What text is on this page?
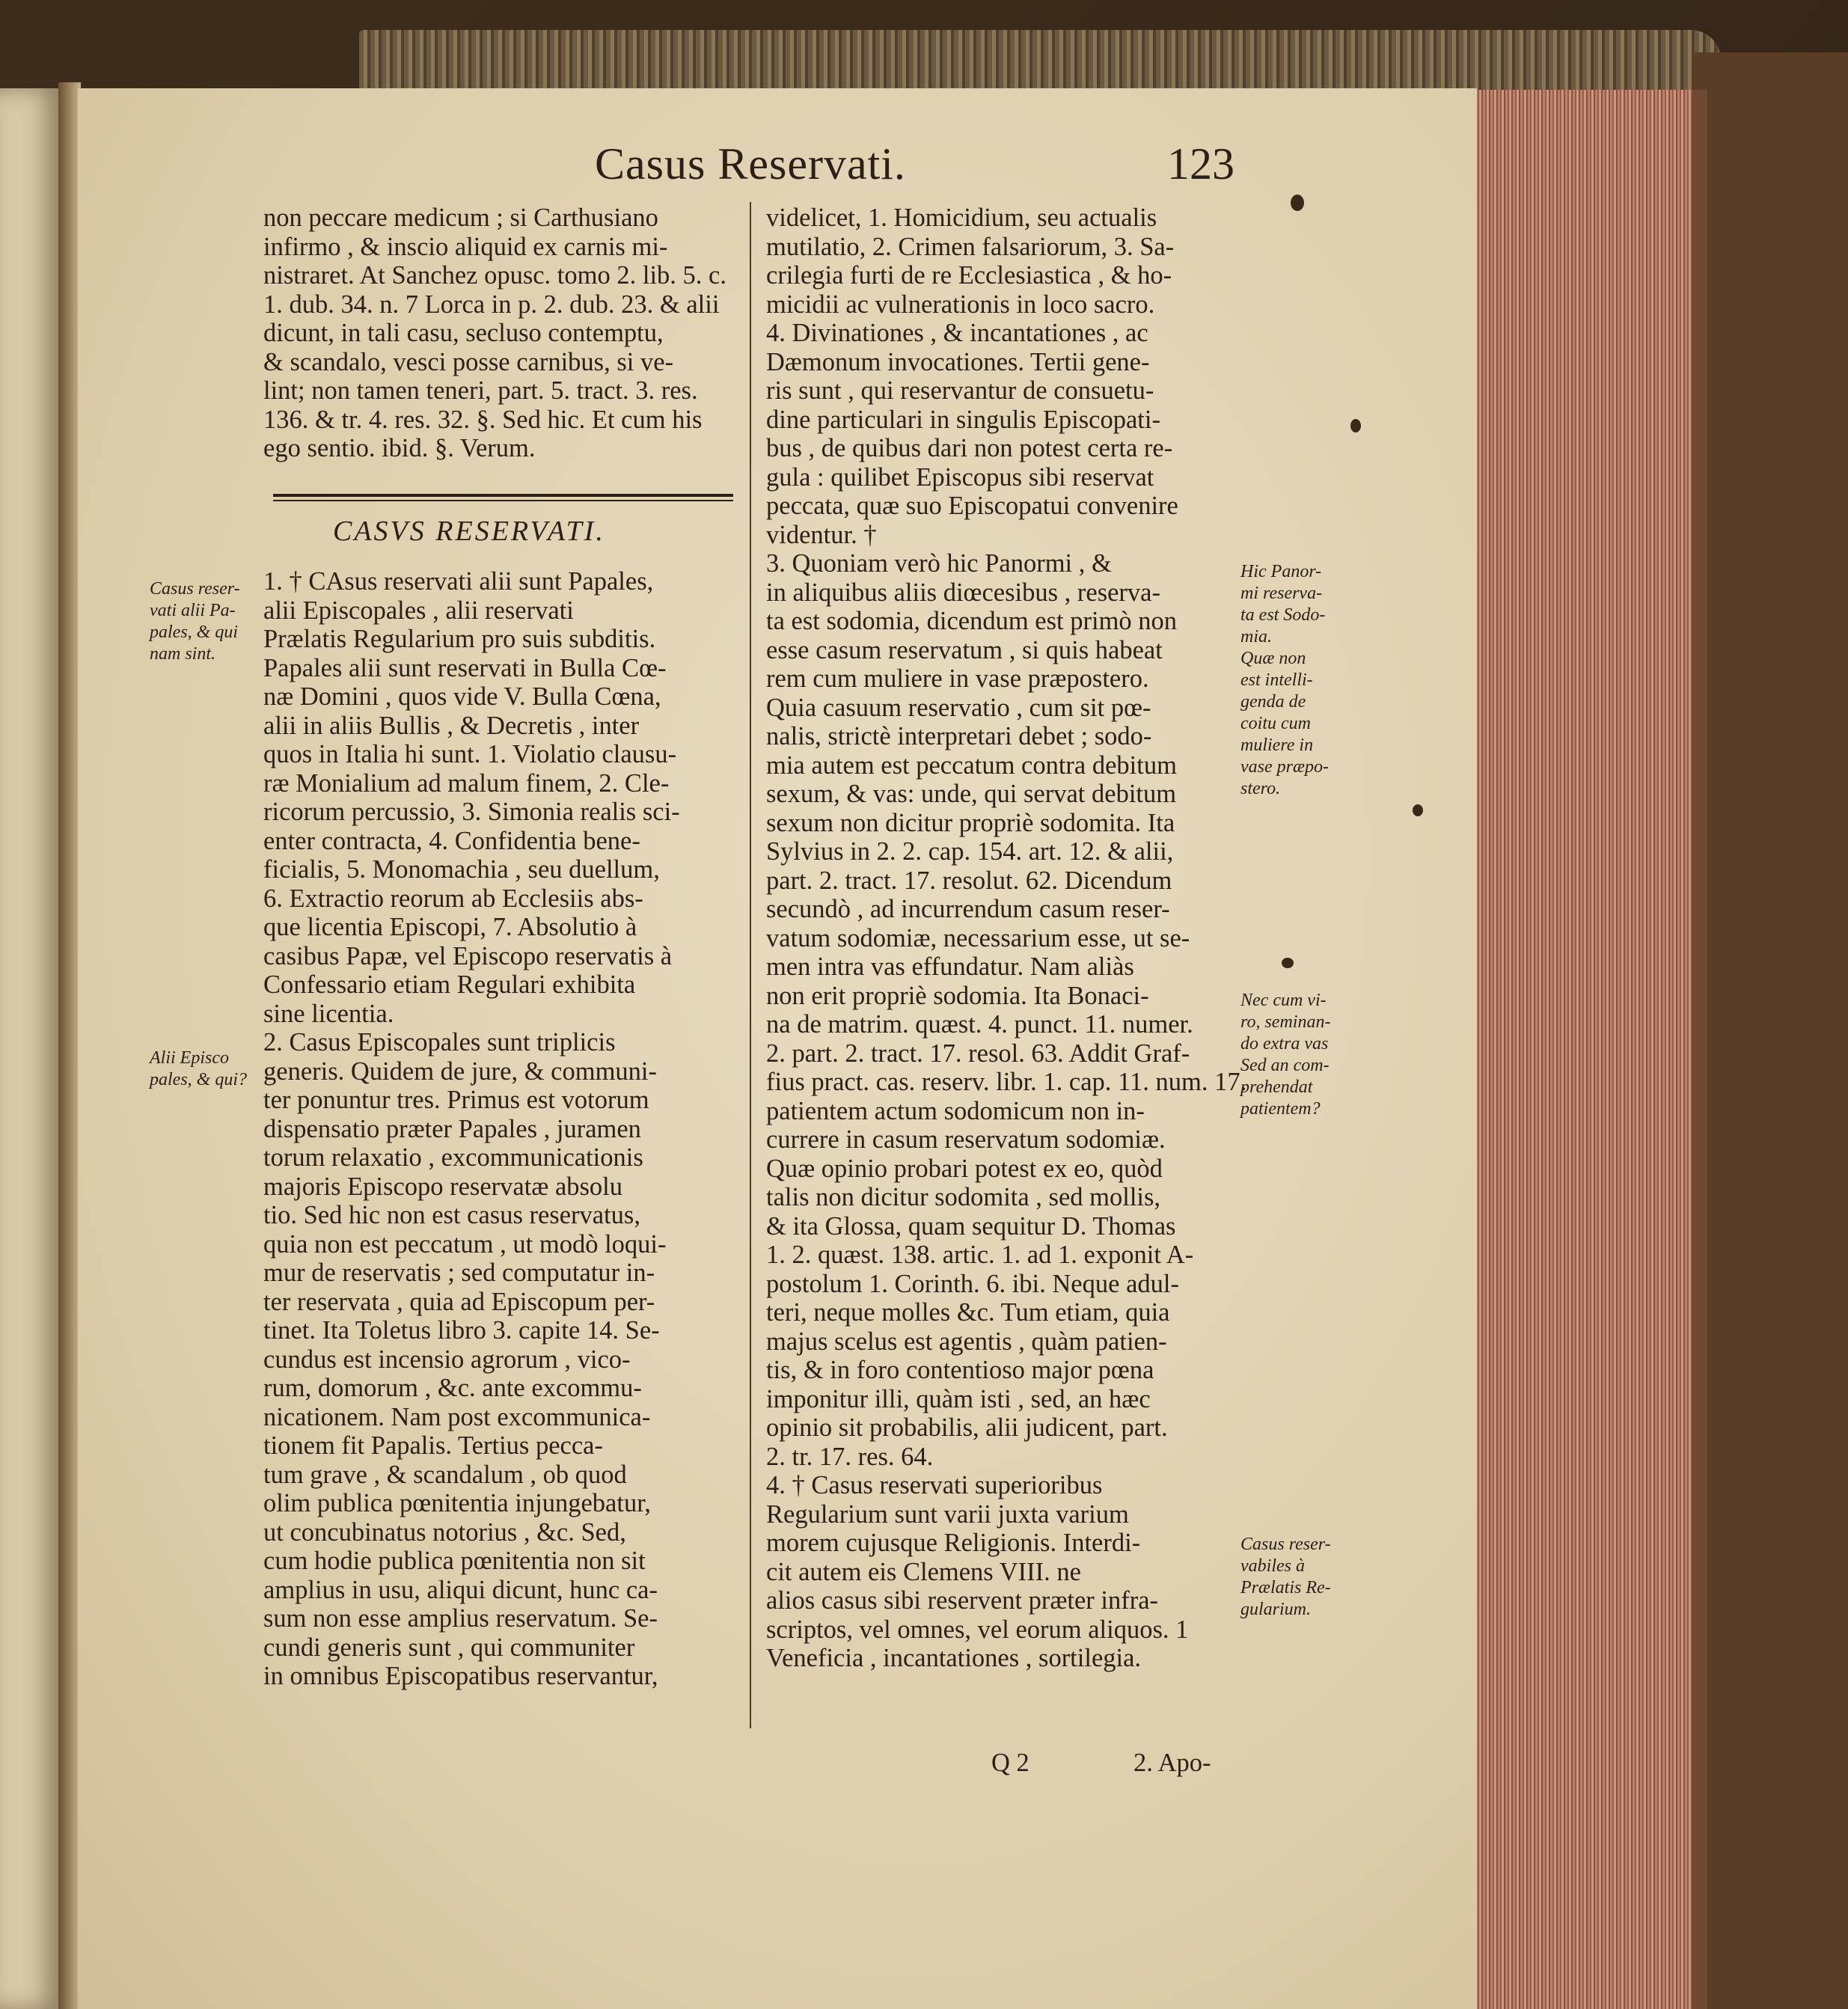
Casus Reservati.	123
non peccare medicum ; si Carthusiano
infirmo , & inscio aliquid ex carnis mi-
nistraret. At Sanchez opusc. tomo 2. lib. 5. c.
1. dub. 34. n. 7 Lorca in p. 2. dub. 23. & alii
dicunt, in tali casu, secluso contemptu,
& scandalo, vesci posse carnibus, si ve-
lint; non tamen teneri, part. 5. tract. 3. res.
136. & tr. 4. res. 32. §. Sed hic. Et cum his
ego sentio. ibid. §. Verum.
CASVS RESERVATI.
1. † CAsus reservati alii sunt Papales,
alii Episcopales , alii reservati
Prælatis Regularium pro suis subditis.
Papales alii sunt reservati in Bulla Cœ-
næ Domini , quos vide V. Bulla Cœna,
alii in aliis Bullis , & Decretis , inter
quos in Italia hi sunt. 1. Violatio clausu-
ræ Monialium ad malum finem, 2. Cle-
ricorum percussio, 3. Simonia realis sci-
enter contracta, 4. Confidentia bene-
ficialis, 5. Monomachia , seu duellum,
6. Extractio reorum ab Ecclesiis abs-
que licentia Episcopi, 7. Absolutio à
casibus Papæ, vel Episcopo reservatis à
Confessario etiam Regulari exhibita
sine licentia.
2. Casus Episcopales sunt triplicis
generis. Quidem de jure, & communi-
ter ponuntur tres. Primus est votorum
dispensatio præter Papales , juramen
torum relaxatio , excommunicationis
majoris Episcopo reservatæ absolu
tio. Sed hic non est casus reservatus,
quia non est peccatum , ut modò loqui-
mur de reservatis ; sed computatur in-
ter reservata , quia ad Episcopum per-
tinet. Ita Toletus libro 3. capite 14. Se-
cundus est incensio agrorum , vico-
rum, domorum , &c. ante excommu-
nicationem. Nam post excommunica-
tionem fit Papalis. Tertius pecca-
tum grave , & scandalum , ob quod
olim publica pœnitentia injungebatur,
ut concubinatus notorius , &c. Sed,
cum hodie publica pœnitentia non sit
amplius in usu, aliqui dicunt, hunc ca-
sum non esse amplius reservatum. Se-
cundi generis sunt , qui communiter
in omnibus Episcopatibus reservantur,
videlicet, 1. Homicidium, seu actualis
mutilatio, 2. Crimen falsariorum, 3. Sa-
crilegia furti de re Ecclesiastica , & ho-
micidii ac vulnerationis in loco sacro.
4. Divinationes , & incantationes , ac
Dæmonum invocationes. Tertii gene-
ris sunt , qui reservantur de consuetu-
dine particulari in singulis Episcopati-
bus , de quibus dari non potest certa re-
gula : quilibet Episcopus sibi reservat
peccata, quæ suo Episcopatui convenire
videntur. †
3. Quoniam verò hic Panormi , &
in aliquibus aliis diœcesibus , reserva-
ta est sodomia, dicendum est primò non
esse casum reservatum , si quis habeat
rem cum muliere in vase præpostero.
Quia casuum reservatio , cum sit pœ-
nalis, strictè interpretari debet ; sodo-
mia autem est peccatum contra debitum
sexum, & vas: unde, qui servat debitum
sexum non dicitur propriè sodomita. Ita
Sylvius in 2. 2. cap. 154. art. 12. & alii,
part. 2. tract. 17. resolut. 62. Dicendum
secundò , ad incurrendum casum reser-
vatum sodomiæ, necessarium esse, ut se-
men intra vas effundatur. Nam aliàs
non erit propriè sodomia. Ita Bonaci-
na de matrim. quæst. 4. punct. 11. numer.
2. part. 2. tract. 17. resol. 63. Addit Graf-
fius pract. cas. reserv. libr. 1. cap. 11. num. 17.
patientem actum sodomicum non in-
currere in casum reservatum sodomiæ.
Quæ opinio probari potest ex eo, quòd
talis non dicitur sodomita , sed mollis,
& ita Glossa, quam sequitur D. Thomas
1. 2. quæst. 138. artic. 1. ad 1. exponit A-
postolum 1. Corinth. 6. ibi. Neque adul-
teri, neque molles &c. Tum etiam, quia
majus scelus est agentis , quàm patien-
tis, & in foro contentioso major pœna
imponitur illi, quàm isti , sed, an hæc
opinio sit probabilis, alii judicent, part.
2. tr. 17. res. 64.
4. † Casus reservati superioribus
Regularium sunt varii juxta varium
morem cujusque Religionis. Interdi-
cit autem eis Clemens VIII. ne
alios casus sibi reservent præter infra-
scriptos, vel omnes, vel eorum aliquos. 1
Veneficia , incantationes , sortilegia.
Casus reser-
vati alii Pa-
pales, & qui
nam sint.
Alii Episco
pales, & qui?
Hic Panor-
mi reserva-
ta est Sodo-
mia.
Quæ non
est intelli-
genda de
coitu cum
muliere in
vase præpo-
stero.
Nec cum vi-
ro, seminan-
do extra vas
Sed an com-
prehendat
patientem?
Casus reser-
vabiles à
Prælatis Re-
gularium.
Q 2	2. Apo-
